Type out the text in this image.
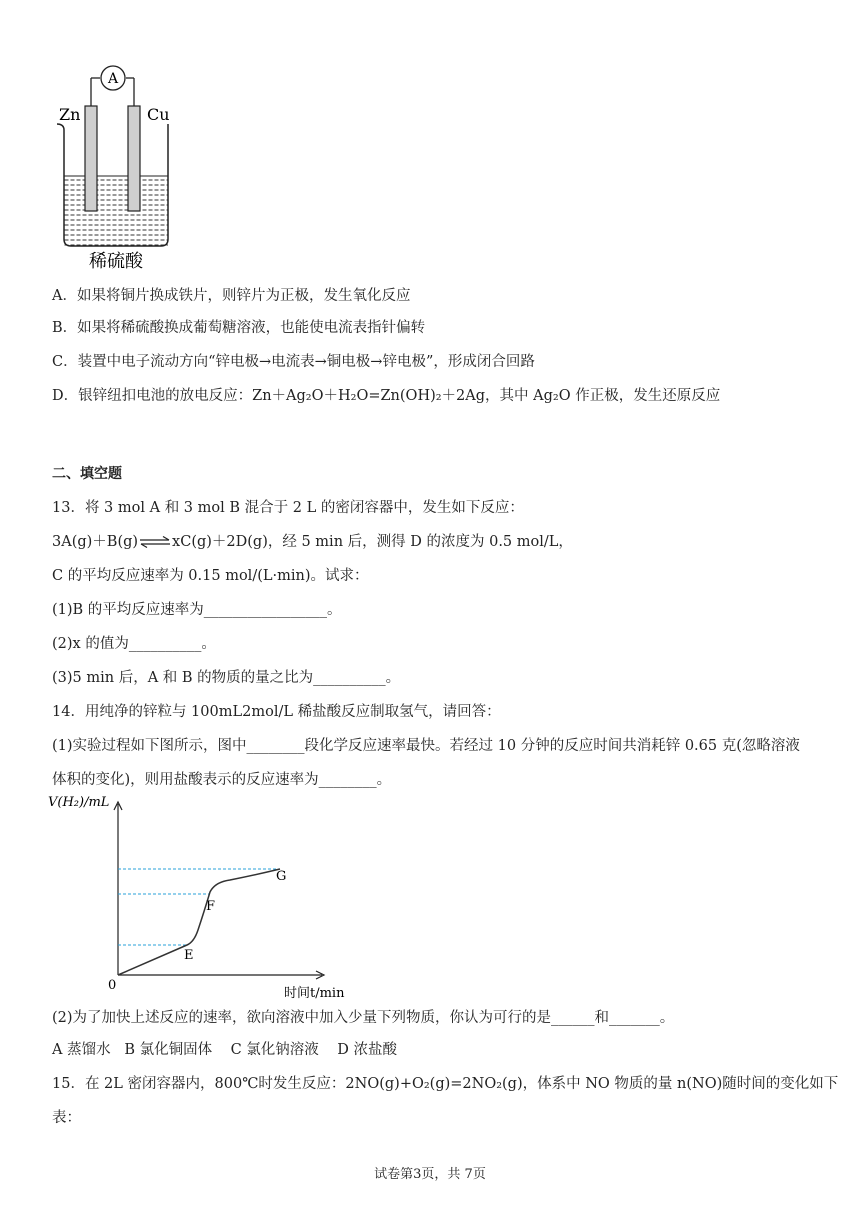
A
Zn	Cu
稀硫酸
A．如果将铜片换成铁片，则锌片为正极，发生氧化反应
B．如果将稀硫酸换成葡萄糖溶液，也能使电流表指针偏转
C．装置中电子流动方向“锌电极→电流表→铜电极→锌电极”，形成闭合回路
D．银锌纽扣电池的放电反应：Zn＋Ag₂O＋H₂O=Zn(OH)₂＋2Ag，其中 Ag₂O 作正极，发生还原反应
二、填空题
13．将 3 mol A 和 3 mol B 混合于 2 L 的密闭容器中，发生如下反应：
3A(g)＋B(g)⇌xC(g)＋2D(g)，经 5 min 后，测得 D 的浓度为 0.5 mol/L，
C 的平均反应速率为 0.15 mol/(L·min)。试求：
(1)B 的平均反应速率为_________________。
(2)x 的值为__________。
(3)5 min 后，A 和 B 的物质的量之比为__________。
14．用纯净的锌粒与 100mL2mol/L 稀盐酸反应制取氢气，请回答：
(1)实验过程如下图所示，图中________段化学反应速率最快。若经过 10 分钟的反应时间共消耗锌 0.65 克(忽略溶液
体积的变化)，则用盐酸表示的反应速率为________。
V(H₂)/mL
时间t/min
0
E
F
G
(2)为了加快上述反应的速率，欲向溶液中加入少量下列物质，你认为可行的是______和_______。
A 蒸馏水   B 氯化铜固体    C 氯化钠溶液    D 浓盐酸
15．在 2L 密闭容器内，800℃时发生反应：2NO(g)+O₂(g)=2NO₂(g)，体系中 NO 物质的量 n(NO)随时间的变化如下
表：
试卷第3页，共 7页
